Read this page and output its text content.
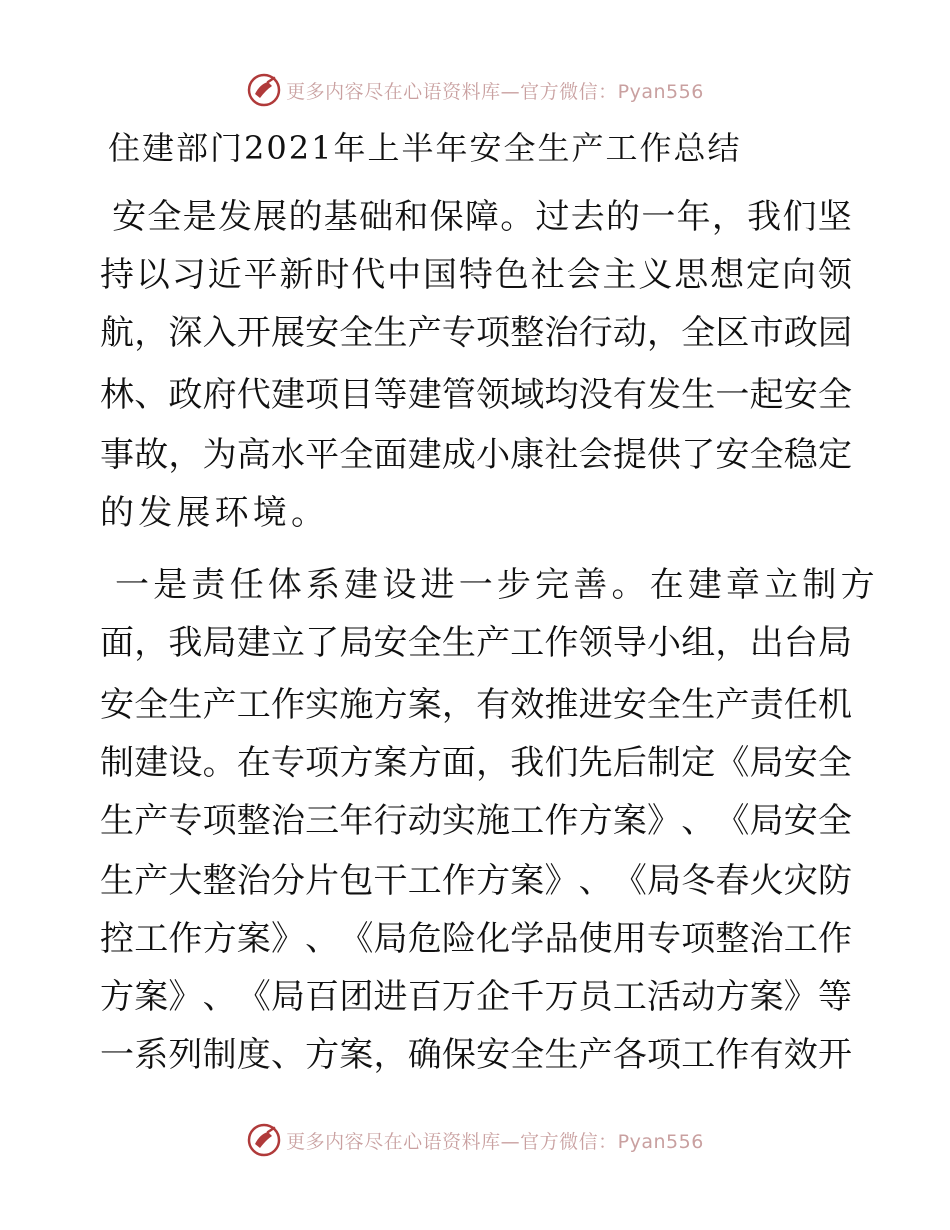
更多内容尽在心语资料库—官方微信：Pyan556
住建部门2021年上半年安全生产工作总结

安 全 是 发 展 的 基 础 和 保 障 。 过 去 的 一 年 ， 我 们 坚
持 以 习 近 平 新 时 代 中 国 特 色 社 会 主 义 思 想 定 向 领
航 ， 深 入 开 展 安 全 生 产 专 项 整 治 行 动 ， 全 区 市 政 园
林 、 政 府 代 建 项 目 等 建 管 领 域 均 没 有 发 生 一 起 安 全
事 故 ， 为 高 水 平 全 面 建 成 小 康 社 会 提 供 了 安 全 稳 定
的 发 展 环 境 。

一 是 责 任 体 系 建 设 进 一 步 完 善 。 在 建 章 立 制 方
面 ， 我 局 建 立 了 局 安 全 生 产 工 作 领 导 小 组 ， 出 台 局
安 全 生 产 工 作 实 施 方 案 ， 有 效 推 进 安 全 生 产 责 任 机
制 建 设 。 在 专 项 方 案 方 面 ， 我 们 先 后 制 定 《 局 安 全
生 产 专 项 整 治 三 年 行 动 实 施 工 作 方 案 》 、 《 局 安 全
生 产 大 整 治 分 片 包 干 工 作 方 案 》 、 《 局 冬 春 火 灾 防
控 工 作 方 案 》 、 《 局 危 险 化 学 品 使 用 专 项 整 治 工 作
方 案 》 、 《 局 百 团 进 百 万 企 千 万 员 工 活 动 方 案 》 等
一 系 列 制 度 、 方 案 ， 确 保 安 全 生 产 各 项 工 作 有 效 开
更多内容尽在心语资料库—官方微信：Pyan556
